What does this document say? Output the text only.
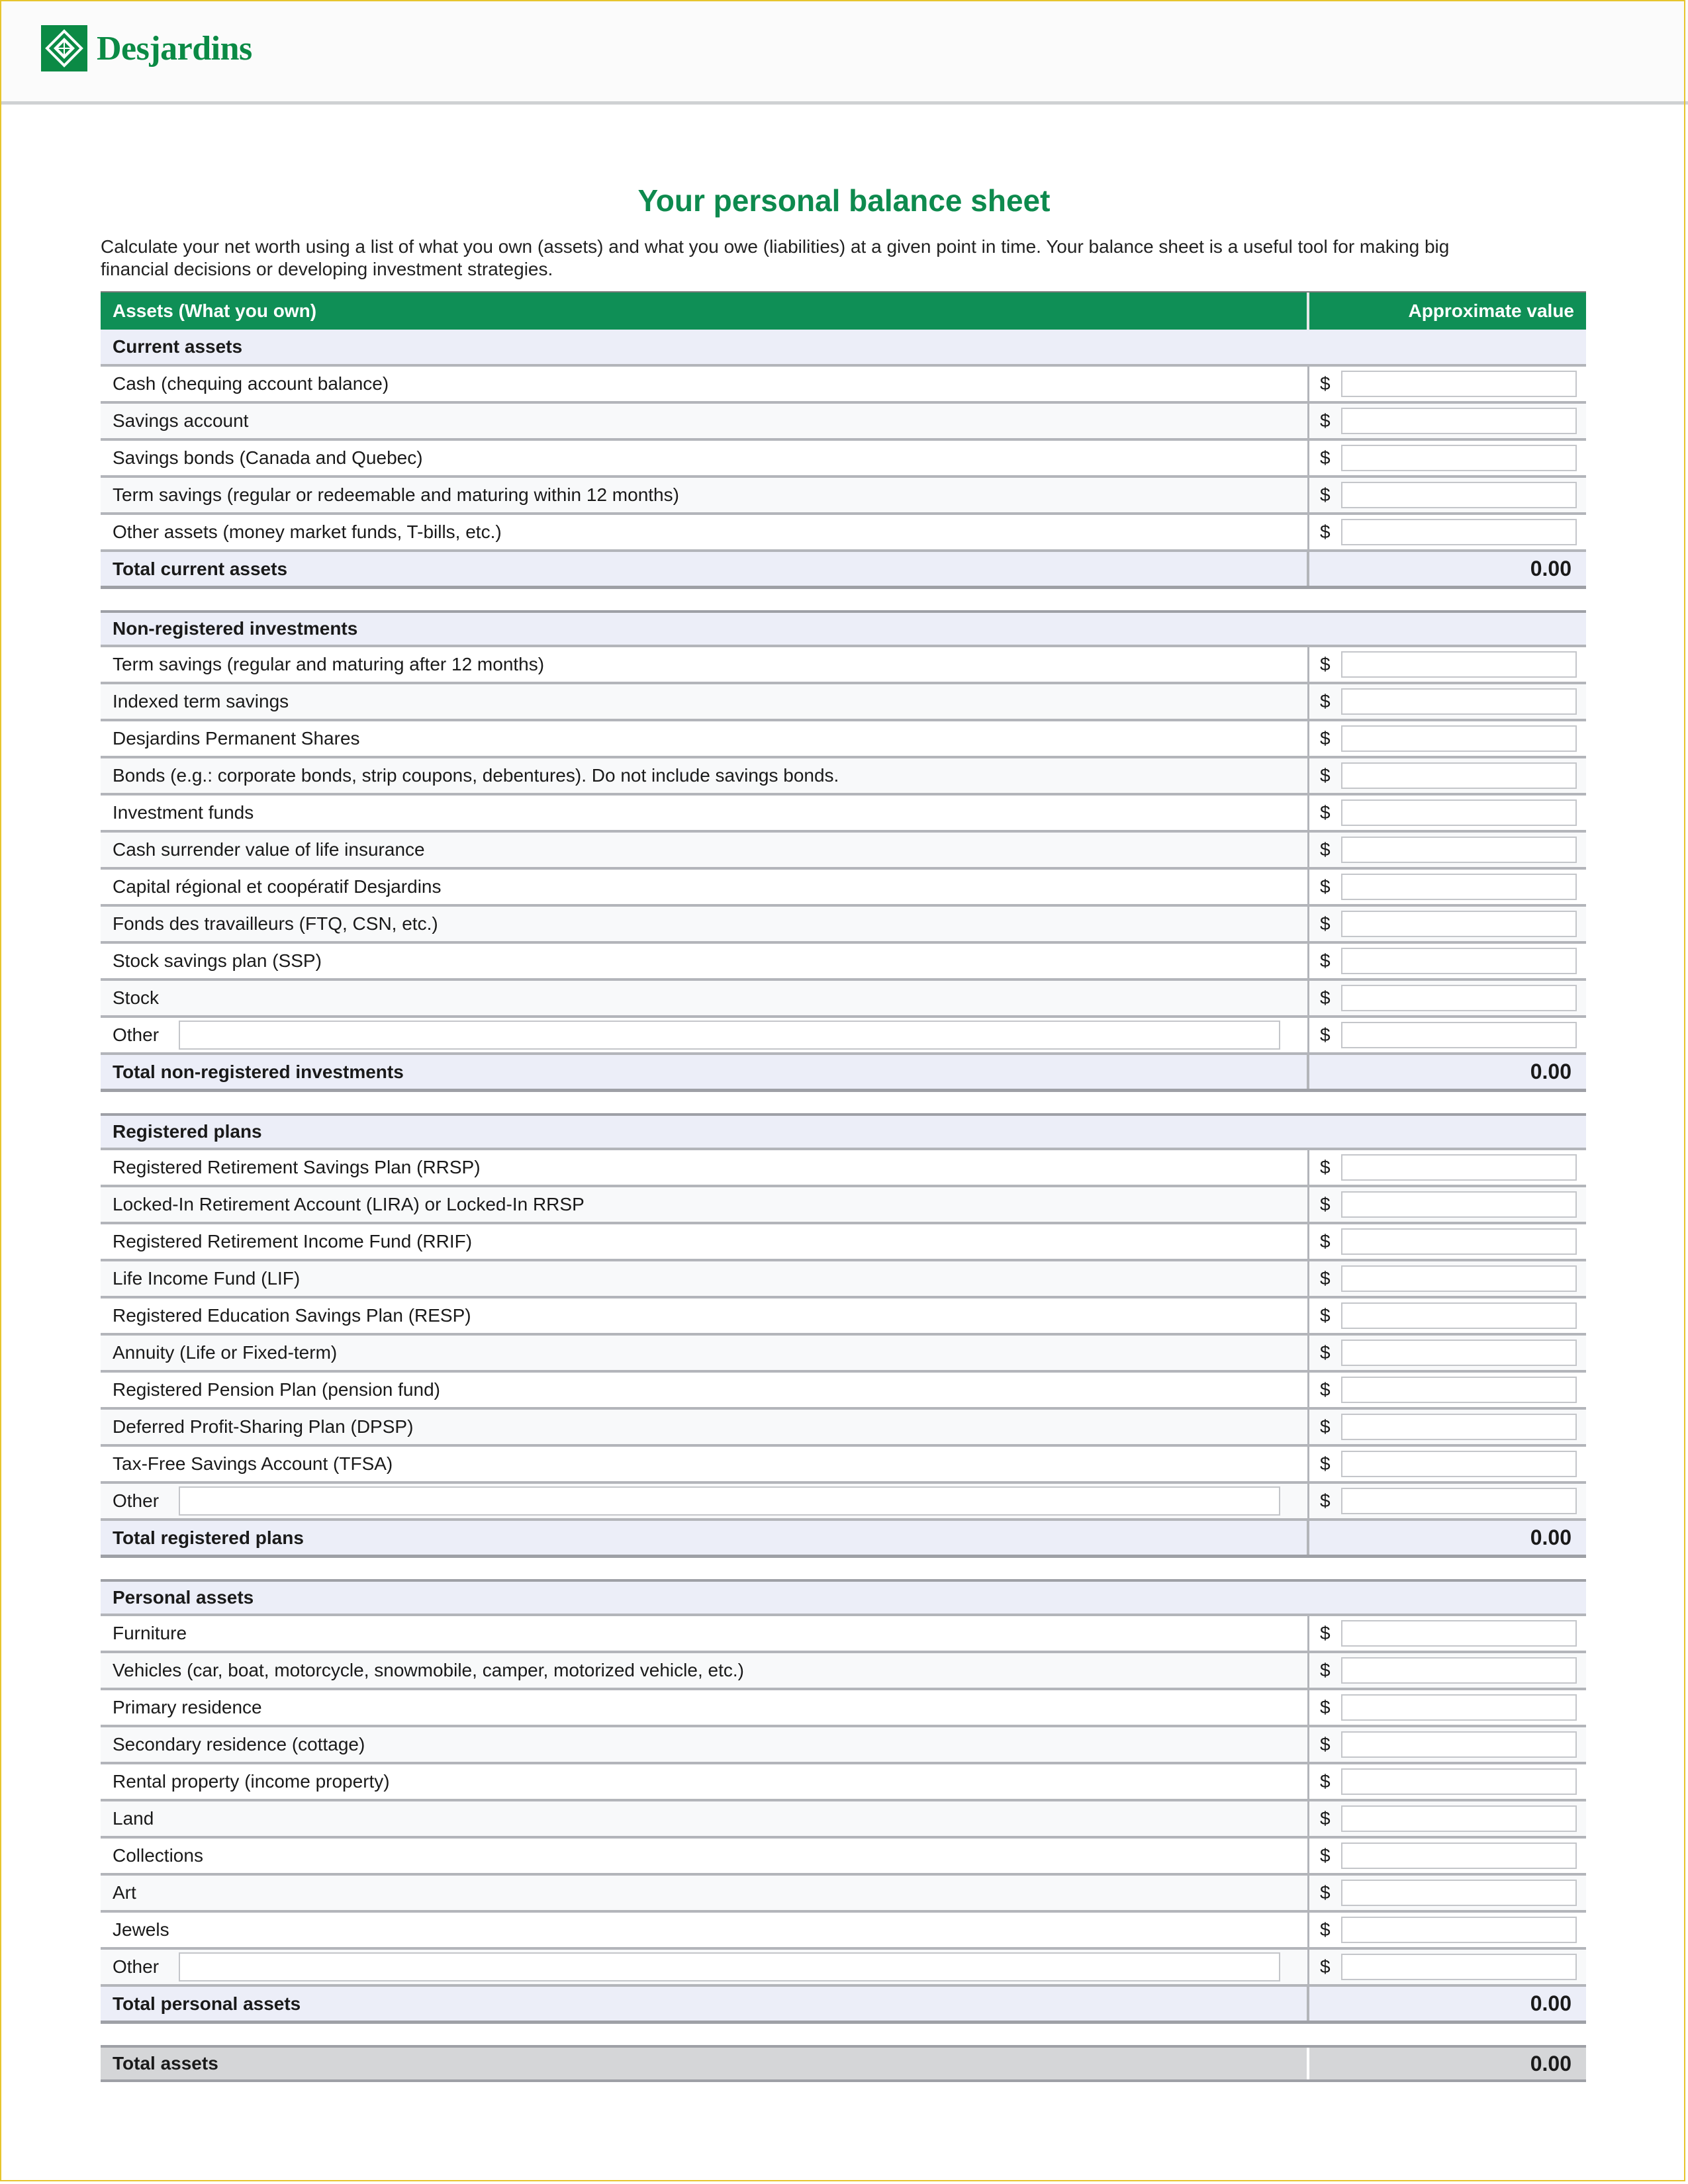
Desjardins
Your personal balance sheet

Calculate your net worth using a list of what you own (assets) and what you owe (liabilities) at a given point in time. Your balance sheet is a useful tool for making big financial decisions or developing investment strategies.

Assets (What you own)	Approximate value
Current assets
Cash (chequing account balance)	$
Savings account	$
Savings bonds (Canada and Quebec)	$
Term savings (regular or redeemable and maturing within 12 months)	$
Other assets (money market funds, T-bills, etc.)	$
Total current assets	0.00
Non-registered investments
Term savings (regular and maturing after 12 months)	$
Indexed term savings	$
Desjardins Permanent Shares	$
Bonds (e.g.: corporate bonds, strip coupons, debentures). Do not include savings bonds.	$
Investment funds	$
Cash surrender value of life insurance	$
Capital régional et coopératif Desjardins	$
Fonds des travailleurs (FTQ, CSN, etc.)	$
Stock savings plan (SSP)	$
Stock	$
Other	$
Total non-registered investments	0.00
Registered plans
Registered Retirement Savings Plan (RRSP)	$
Locked-In Retirement Account (LIRA) or Locked-In RRSP	$
Registered Retirement Income Fund (RRIF)	$
Life Income Fund (LIF)	$
Registered Education Savings Plan (RESP)	$
Annuity (Life or Fixed-term)	$
Registered Pension Plan (pension fund)	$
Deferred Profit-Sharing Plan (DPSP)	$
Tax-Free Savings Account (TFSA)	$
Other	$
Total registered plans	0.00
Personal assets
Furniture	$
Vehicles (car, boat, motorcycle, snowmobile, camper, motorized vehicle, etc.)	$
Primary residence	$
Secondary residence (cottage)	$
Rental property (income property)	$
Land	$
Collections	$
Art	$
Jewels	$
Other	$
Total personal assets	0.00
Total assets	0.00
